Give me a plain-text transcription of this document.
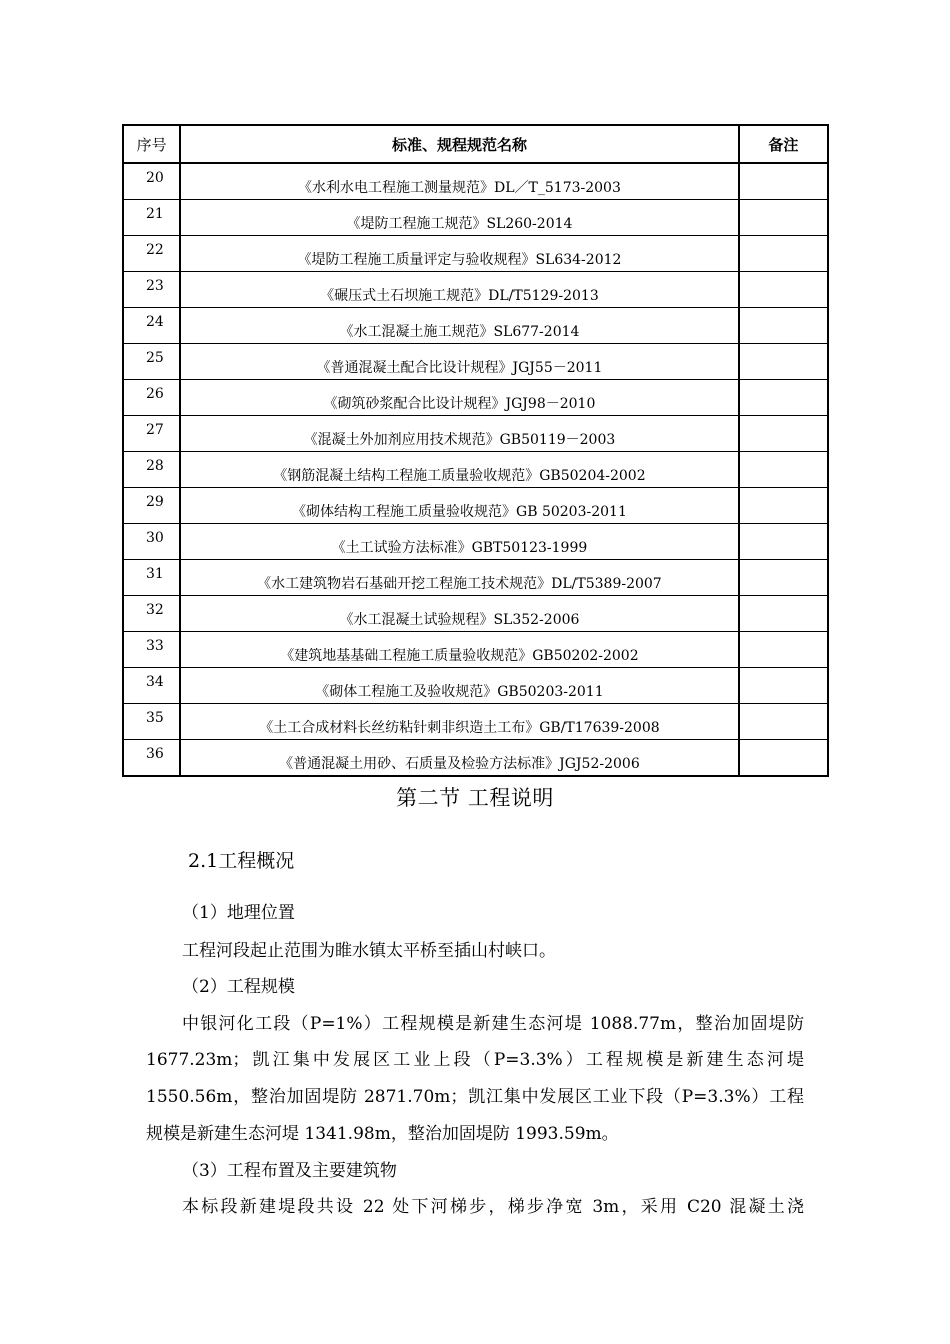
序号	标准、规程规范名称	备注
20	《水利水电工程施工测量规范》DL／T_5173-2003	
21	《堤防工程施工规范》SL260-2014	
22	《堤防工程施工质量评定与验收规程》SL634-2012	
23	《碾压式土石坝施工规范》DL/T5129-2013	
24	《水工混凝土施工规范》SL677-2014	
25	《普通混凝土配合比设计规程》JGJ55－2011	
26	《砌筑砂浆配合比设计规程》JGJ98－2010	
27	《混凝土外加剂应用技术规范》GB50119－2003	
28	《钢筋混凝土结构工程施工质量验收规范》GB50204-2002	
29	《砌体结构工程施工质量验收规范》GB 50203-2011	
30	《土工试验方法标准》GBT50123-1999	
31	《水工建筑物岩石基础开挖工程施工技术规范》DL/T5389-2007	
32	《水工混凝土试验规程》SL352-2006	
33	《建筑地基基础工程施工质量验收规范》GB50202-2002	
34	《砌体工程施工及验收规范》GB50203-2011	
35	《土工合成材料长丝纺粘针刺非织造土工布》GB/T17639-2008	
36	《普通混凝土用砂、石质量及检验方法标准》JGJ52-2006	
第二节 工程说明
2.1工程概况
（1）地理位置
工程河段起止范围为睢水镇太平桥至插山村峡口。
（2）工程规模
中银河化工段（P=1%）工程规模是新建生态河堤 1088.77m，整治加固堤防
1677.23m；凯江集中发展区工业上段（P=3.3%）工程规模是新建生态河堤
1550.56m，整治加固堤防 2871.70m；凯江集中发展区工业下段（P=3.3%）工程
规模是新建生态河堤 1341.98m，整治加固堤防 1993.59m。
（3）工程布置及主要建筑物
本标段新建堤段共设 22 处下河梯步，梯步净宽 3m，采用 C20 混凝土浇
